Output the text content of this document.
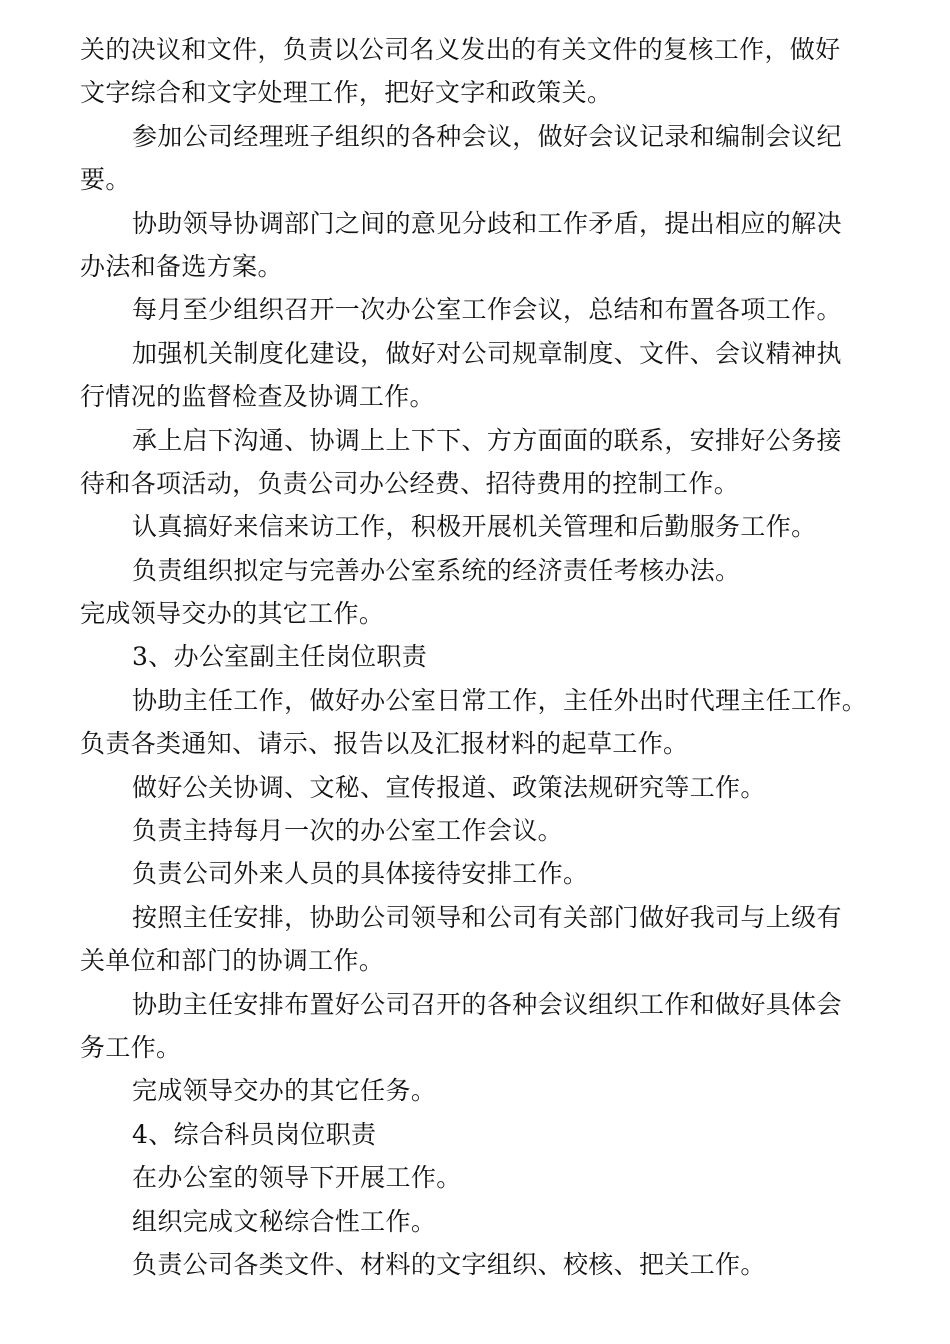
关的决议和文件，负责以公司名义发出的有关文件的复核工作，做好
文字综合和文字处理工作，把好文字和政策关。
参加公司经理班子组织的各种会议，做好会议记录和编制会议纪
要。
协助领导协调部门之间的意见分歧和工作矛盾，提出相应的解决
办法和备选方案。
每月至少组织召开一次办公室工作会议，总结和布置各项工作。
加强机关制度化建设，做好对公司规章制度、文件、会议精神执
行情况的监督检查及协调工作。
承上启下沟通、协调上上下下、方方面面的联系，安排好公务接
待和各项活动，负责公司办公经费、招待费用的控制工作。
认真搞好来信来访工作，积极开展机关管理和后勤服务工作。
负责组织拟定与完善办公室系统的经济责任考核办法。
完成领导交办的其它工作。
3、办公室副主任岗位职责
协助主任工作，做好办公室日常工作，主任外出时代理主任工作。
负责各类通知、请示、报告以及汇报材料的起草工作。
做好公关协调、文秘、宣传报道、政策法规研究等工作。
负责主持每月一次的办公室工作会议。
负责公司外来人员的具体接待安排工作。
按照主任安排，协助公司领导和公司有关部门做好我司与上级有
关单位和部门的协调工作。
协助主任安排布置好公司召开的各种会议组织工作和做好具体会
务工作。
完成领导交办的其它任务。
4、综合科员岗位职责
在办公室的领导下开展工作。
组织完成文秘综合性工作。
负责公司各类文件、材料的文字组织、校核、把关工作。
